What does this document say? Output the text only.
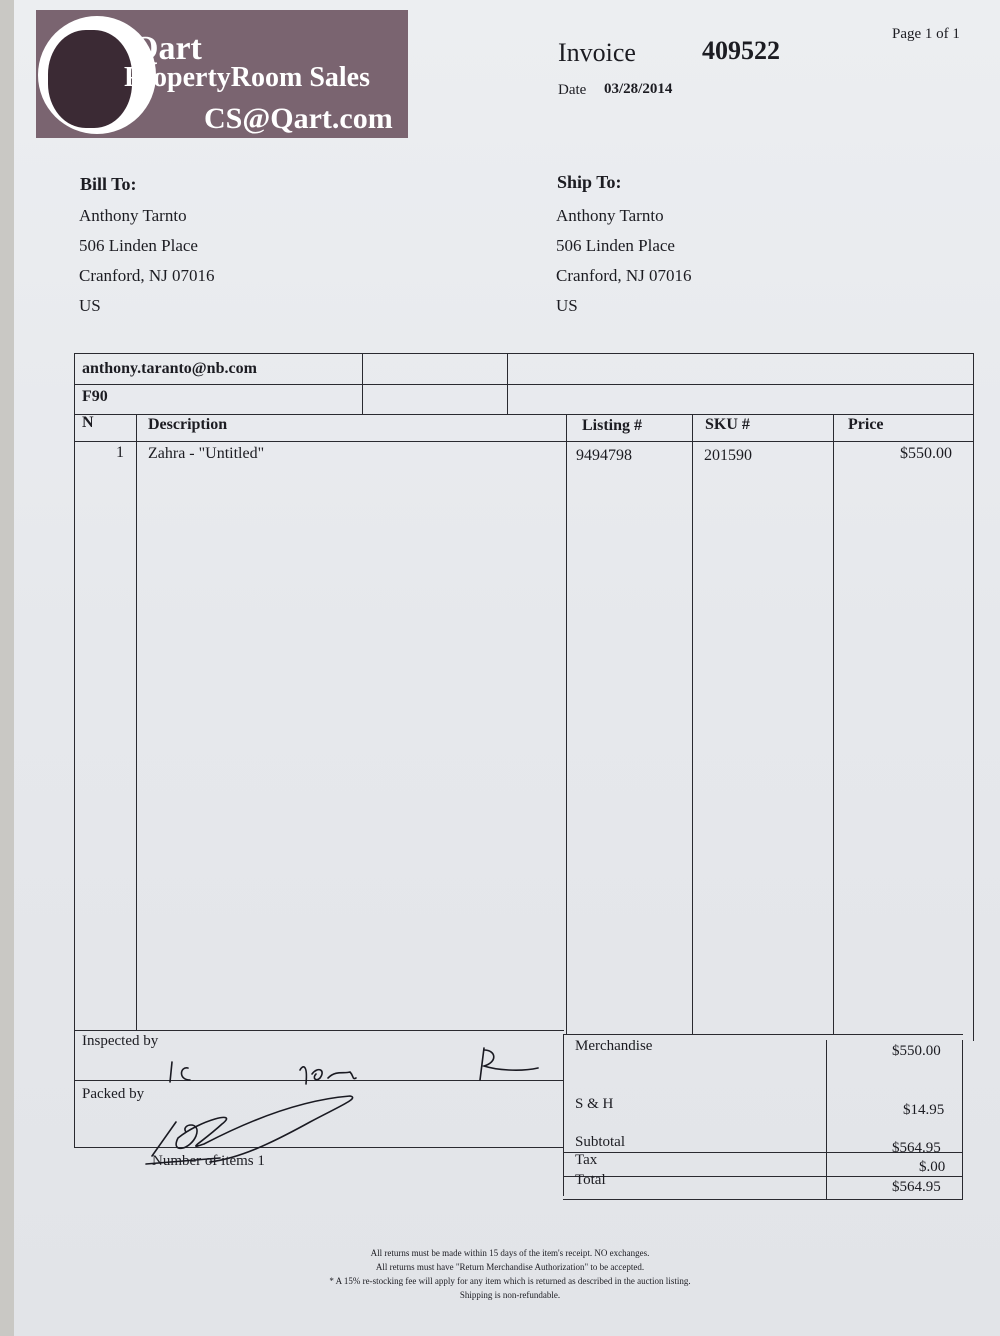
Qart
PropertyRoom Sales
CS@Qart.com
Invoice	409522
Date 03/28/2014
Page 1 of 1
Bill To:
Anthony Tarnto
506 Linden Place
Cranford, NJ 07016
US
Ship To:
Anthony Tarnto
506 Linden Place
Cranford, NJ 07016
US
anthony.taranto@nb.com
F90
N	Description	Listing #	SKU #	Price
1 Zahra - "Untitled"	9494798	201590	$550.00
Inspected by
Packed by
Number of items 1
Merchandise	$550.00
S & H	$14.95
Subtotal	$564.95
Tax	$.00
Total	$564.95
All returns must be made within 15 days of the item's receipt. NO exchanges.
All returns must have "Return Merchandise Authorization" to be accepted.
* A 15% re-stocking fee will apply for any item which is returned as described in the auction listing.
Shipping is non-refundable.
